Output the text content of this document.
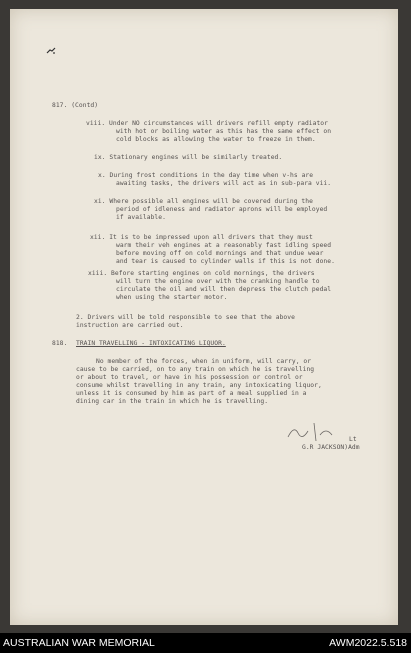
817. (Contd)

viii. Under NO circumstances will drivers refill empty radiator

with hot or boiling water as this has the same effect on

cold blocks as allowing the water to freeze in them.

ix. Stationary engines will be similarly treated.

x. During frost conditions in the day time when v-hs are

awaiting tasks, the drivers will act as in sub-para vii.

xi. Where possible all engines will be covered during the

period of idleness and radiator aprons will be employed

if available.

xii. It is to be impressed upon all drivers that they must

warm their veh engines at a reasonably fast idling speed

before moving off on cold mornings and that undue wear

and tear is caused to cylinder walls if this is not done.

xiii. Before starting engines on cold mornings, the drivers

will turn the engine over with the cranking handle to

circulate the oil and will then depress the clutch pedal

when using the starter motor.

2. Drivers will be told responsible to see that the above

instruction are carried out.

818.

TRAIN TRAVELLING - INTOXICATING LIQUOR.

No member of the forces, when in uniform, will carry, or

cause to be carried, on to any train on which he is travelling

or about to travel, or have in his possession or control or

consume whilst travelling in any train, any intoxicating liquor,

unless it is consumed by him as part of a meal supplied in a

dining car in the train in which he is travelling.

Lt

G.R JACKSON)Adm

AUSTRALIAN WAR MEMORIAL	AWM2022.5.518
